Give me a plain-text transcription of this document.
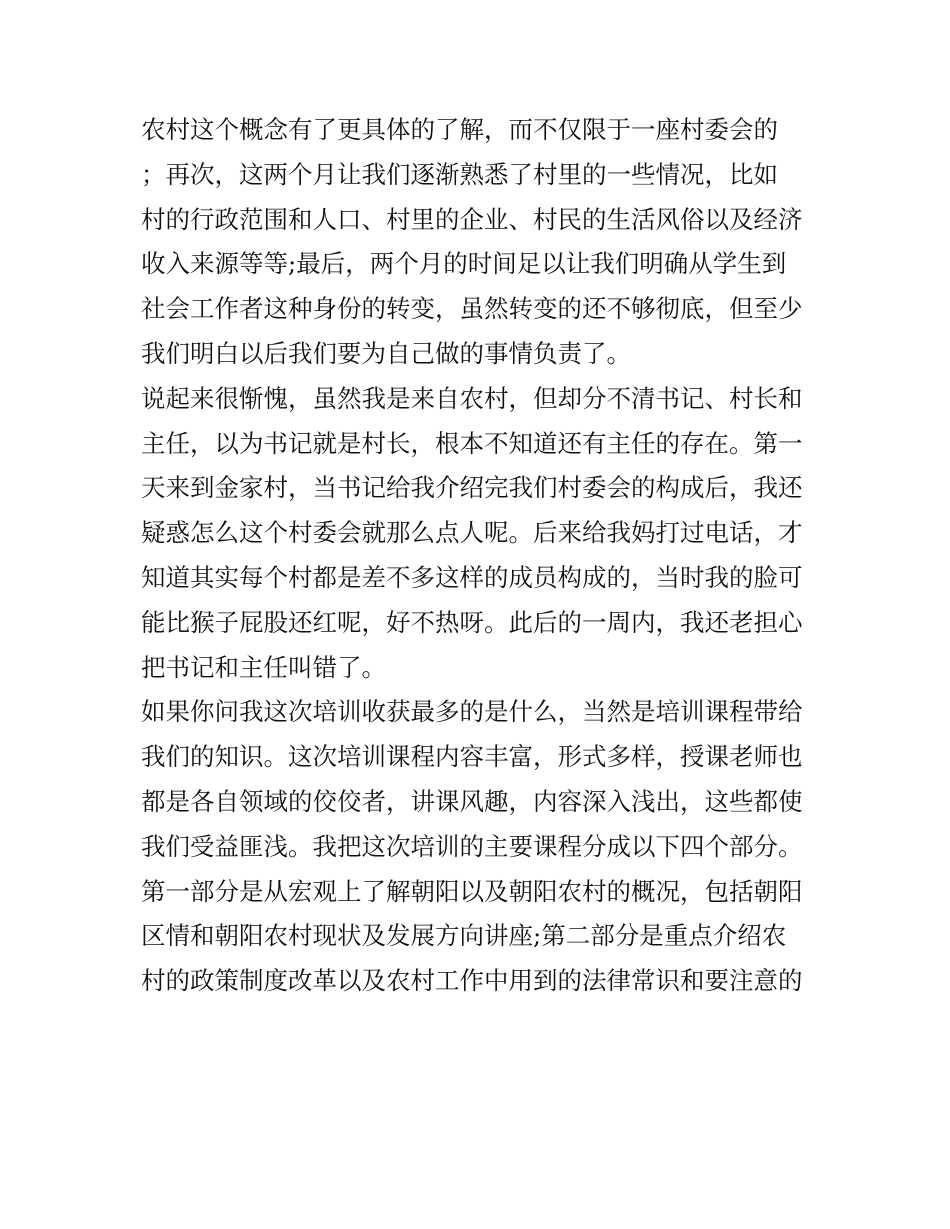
农村这个概念有了更具体的了解，而不仅限于一座村委会的
；再次，这两个月让我们逐渐熟悉了村里的一些情况，比如
村的行政范围和人口、村里的企业、村民的生活风俗以及经济
收入来源等等;最后，两个月的时间足以让我们明确从学生到
社会工作者这种身份的转变，虽然转变的还不够彻底，但至少
我们明白以后我们要为自己做的事情负责了。
说起来很惭愧，虽然我是来自农村，但却分不清书记、村长和
主任，以为书记就是村长，根本不知道还有主任的存在。第一
天来到金家村，当书记给我介绍完我们村委会的构成后，我还
疑惑怎么这个村委会就那么点人呢。后来给我妈打过电话，才
知道其实每个村都是差不多这样的成员构成的，当时我的脸可
能比猴子屁股还红呢，好不热呀。此后的一周内，我还老担心
把书记和主任叫错了。
如果你问我这次培训收获最多的是什么，当然是培训课程带给
我们的知识。这次培训课程内容丰富，形式多样，授课老师也
都是各自领域的佼佼者，讲课风趣，内容深入浅出，这些都使
我们受益匪浅。我把这次培训的主要课程分成以下四个部分。
第一部分是从宏观上了解朝阳以及朝阳农村的概况，包括朝阳
区情和朝阳农村现状及发展方向讲座;第二部分是重点介绍农
村的政策制度改革以及农村工作中用到的法律常识和要注意的
